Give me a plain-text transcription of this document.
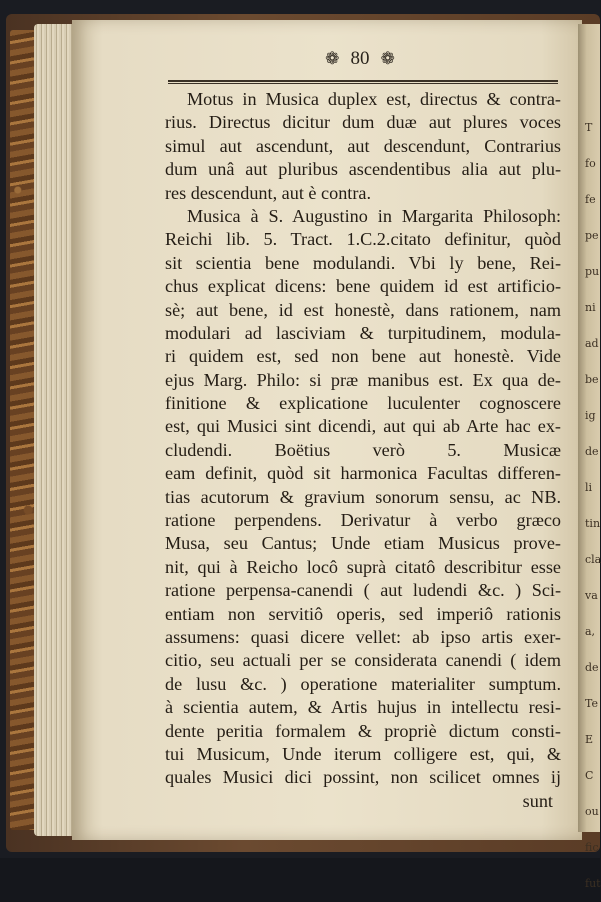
T
fo
fe
pe
pu
ni
ad
be
ig
de
li
tin
cla
va
a,
de
Te
E
C
ou
fic
fut
❁ 80 ❁
Motus in Musica duplex est, directus & contra-
rius. Directus dicitur dum duæ aut plures voces
simul aut ascendunt, aut descendunt, Contrarius
dum unâ aut pluribus ascendentibus alia aut plu-
res descendunt, aut è contra.
Musica à S. Augustino in Margarita Philosoph:
Reichi lib. 5. Tract. 1.C.2.citato definitur, quòd
sit scientia bene modulandi. Vbi ly bene, Rei-
chus explicat dicens: bene quidem id est artificio-
sè; aut bene, id est honestè, dans rationem, nam
modulari ad lasciviam & turpitudinem, modula-
ri quidem est, sed non bene aut honestè. Vide
ejus Marg. Philo: si præ manibus est. Ex qua de-
finitione & explicatione luculenter cognoscere
est, qui Musici sint dicendi, aut qui ab Arte hac ex-
cludendi. Boëtius verò 5. Musicæ
eam definit, quòd sit harmonica Facultas differen-
tias acutorum & gravium sonorum sensu, ac NB.
ratione perpendens. Derivatur à verbo græco
Musa, seu Cantus; Unde etiam Musicus prove-
nit, qui à Reicho locô suprà citatô describitur esse
ratione perpensa-canendi ( aut ludendi &c. ) Sci-
entiam non servitiô operis, sed imperiô rationis
assumens: quasi dicere vellet: ab ipso artis exer-
citio, seu actuali per se considerata canendi ( idem
de lusu &c. ) operatione materialiter sumptum.
à scientia autem, & Artis hujus in intellectu resi-
dente peritia formalem & propriè dictum consti-
tui Musicum, Unde iterum colligere est, qui, &
quales Musici dici possint, non scilicet omnes ij
sunt
